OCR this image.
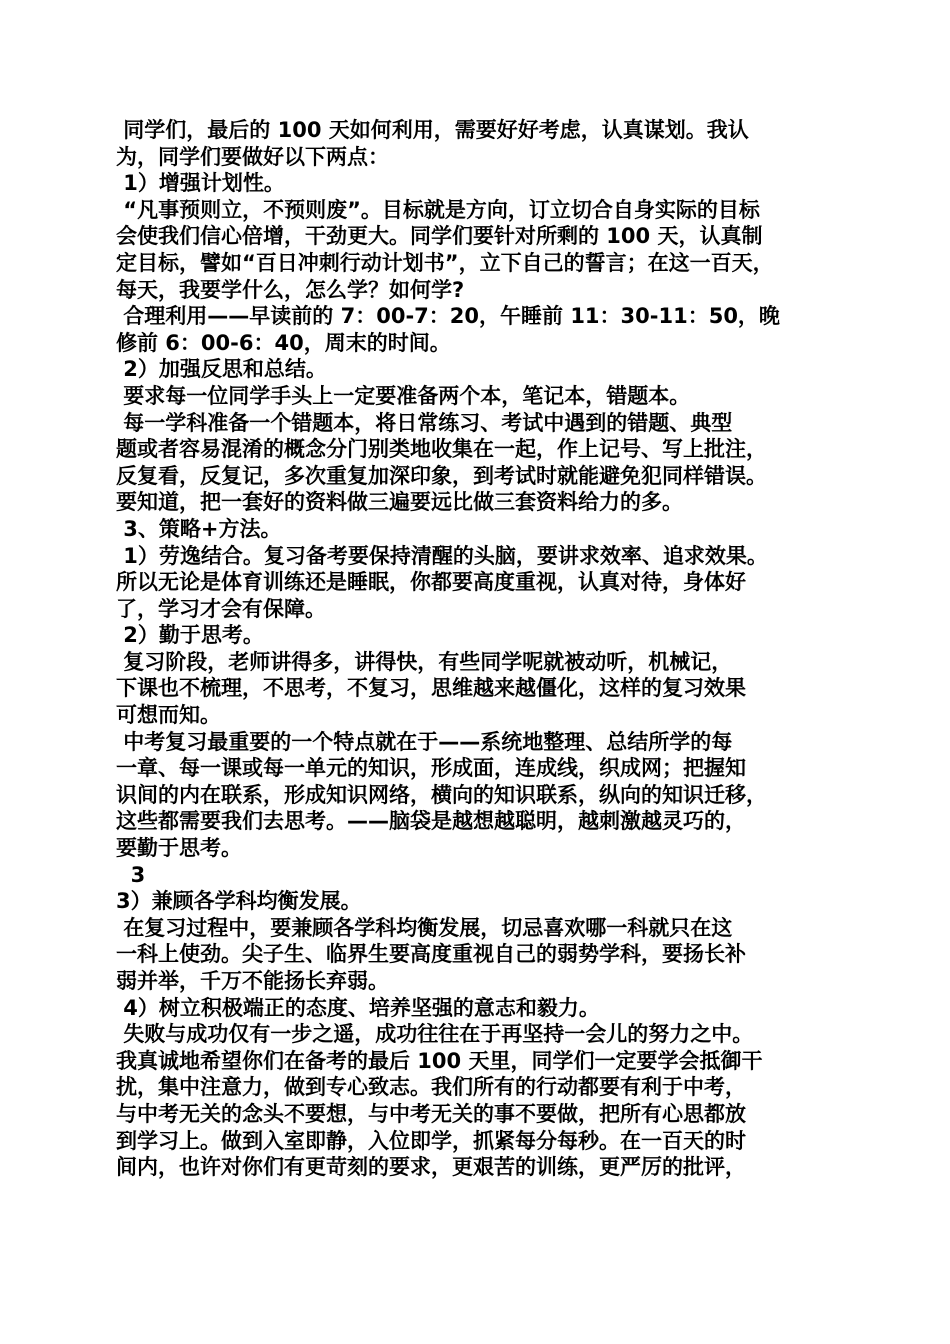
同学们，最后的 100 天如何利用，需要好好考虑，认真谋划。我认
为，同学们要做好以下两点：
1）增强计划性。
“凡事预则立，不预则废”。目标就是方向，订立切合自身实际的目标
会使我们信心倍增，干劲更大。同学们要针对所剩的 100 天，认真制
定目标，譬如“百日冲刺行动计划书”，立下自己的誓言；在这一百天，
每天，我要学什么，怎么学？如何学?
合理利用——早读前的 7：00-7：20，午睡前 11：30-11：50，晚
修前 6：00-6：40，周末的时间。
2）加强反思和总结。
要求每一位同学手头上一定要准备两个本，笔记本，错题本。
每一学科准备一个错题本，将日常练习、考试中遇到的错题、典型
题或者容易混淆的概念分门别类地收集在一起，作上记号、写上批注，
反复看，反复记，多次重复加深印象，到考试时就能避免犯同样错误。
要知道，把一套好的资料做三遍要远比做三套资料给力的多。
3、策略+方法。
1）劳逸结合。复习备考要保持清醒的头脑，要讲求效率、追求效果。
所以无论是体育训练还是睡眠，你都要高度重视，认真对待，身体好
了，学习才会有保障。
2）勤于思考。
复习阶段，老师讲得多，讲得快，有些同学呢就被动听，机械记，
下课也不梳理，不思考，不复习，思维越来越僵化，这样的复习效果
可想而知。
中考复习最重要的一个特点就在于——系统地整理、总结所学的每
一章、每一课或每一单元的知识，形成面，连成线，织成网；把握知
识间的内在联系，形成知识网络，横向的知识联系，纵向的知识迁移，
这些都需要我们去思考。——脑袋是越想越聪明，越刺激越灵巧的，
要勤于思考。
3
3）兼顾各学科均衡发展。
在复习过程中，要兼顾各学科均衡发展，切忌喜欢哪一科就只在这
一科上使劲。尖子生、临界生要高度重视自己的弱势学科，要扬长补
弱并举，千万不能扬长弃弱。
4）树立积极端正的态度、培养坚强的意志和毅力。
失败与成功仅有一步之遥，成功往往在于再坚持一会儿的努力之中。
我真诚地希望你们在备考的最后 100 天里，同学们一定要学会抵御干
扰，集中注意力，做到专心致志。我们所有的行动都要有利于中考，
与中考无关的念头不要想，与中考无关的事不要做，把所有心思都放
到学习上。做到入室即静，入位即学，抓紧每分每秒。在一百天的时
间内，也许对你们有更苛刻的要求，更艰苦的训练，更严厉的批评，
